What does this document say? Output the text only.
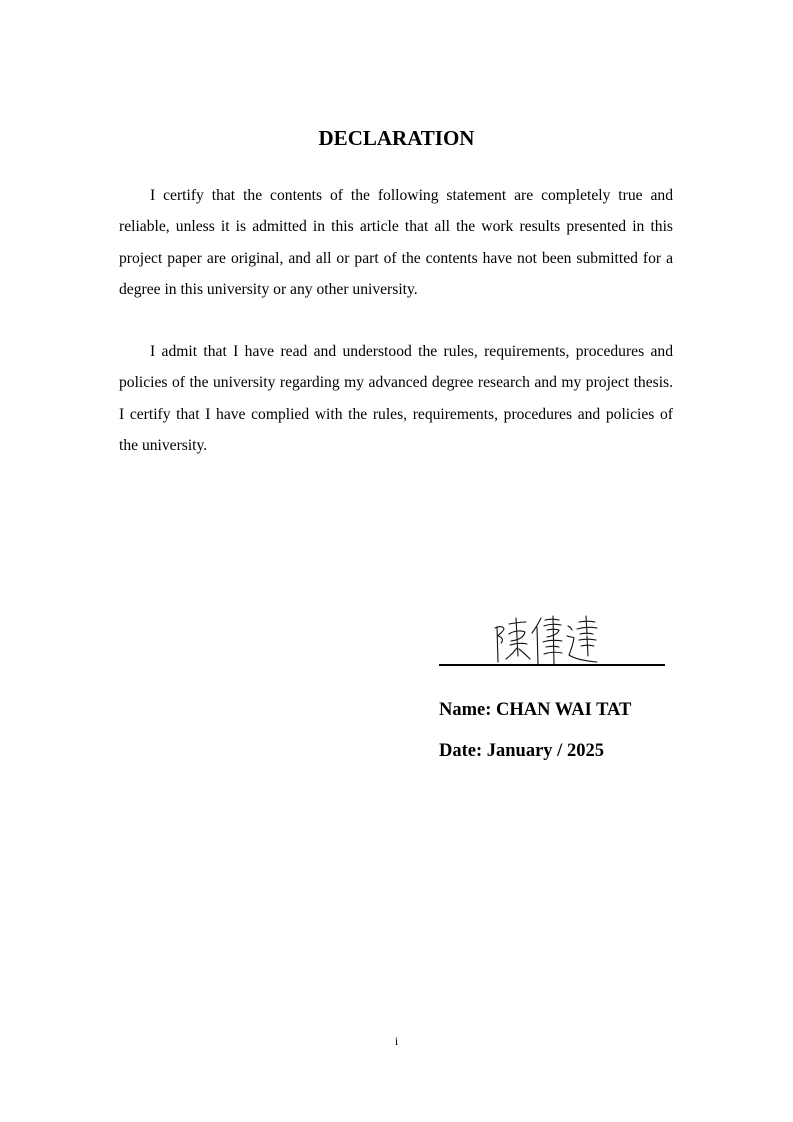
DECLARATION

I certify that the contents of the following statement are completely true and reliable, unless it is admitted in this article that all the work results presented in this project paper are original, and all or part of the contents have not been submitted for a degree in this university or any other university.

I admit that I have read and understood the rules, requirements, procedures and policies of the university regarding my advanced degree research and my project thesis. I certify that I have complied with the rules, requirements, procedures and policies of the university.

Name: CHAN WAI TAT

Date: January / 2025

i
